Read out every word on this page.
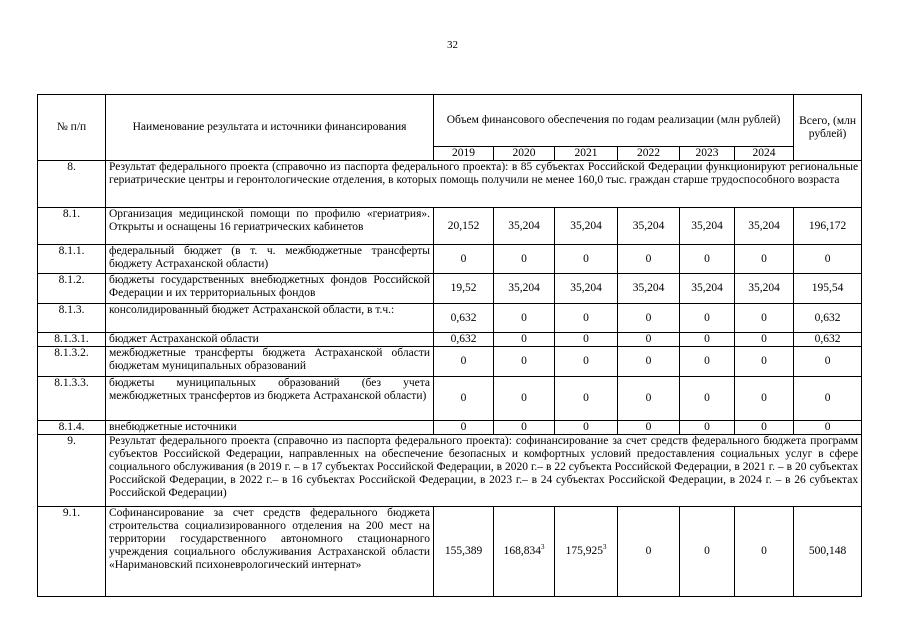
32
№ п/п	Наименование результата и источники финансирования	Объем финансового обеспечения по годам реализации (млн рублей)						Всего, (млн рублей)
		2019	2020	2021	2022	2023	2024	
8.	Результат федерального проекта (справочно из паспорта федерального проекта): в 85 субъектах Российской Федерации функционируют региональные гериатрические центры и геронтологические отделения, в которых помощь получили не менее 160,0 тыс. граждан старше трудоспособного возраста							
8.1.	Организация медицинской помощи по профилю «гериатрия». Открыты и оснащены 16 гериатрических кабинетов	20,152	35,204	35,204	35,204	35,204	35,204	196,172
8.1.1.	федеральный бюджет (в т. ч. межбюджетные трансферты бюджету Астраханской области)	0	0	0	0	0	0	0
8.1.2.	бюджеты государственных внебюджетных фондов Российской Федерации и их территориальных фондов	19,52	35,204	35,204	35,204	35,204	35,204	195,54
8.1.3.	консолидированный бюджет Астраханской области, в т.ч.:	0,632	0	0	0	0	0	0,632
8.1.3.1.	бюджет Астраханской области	0,632	0	0	0	0	0	0,632
8.1.3.2.	межбюджетные трансферты бюджета Астраханской области бюджетам муниципальных образований	0	0	0	0	0	0	0
8.1.3.3.	бюджеты муниципальных образований (без учета межбюджетных трансфертов из бюджета Астраханской области)	0	0	0	0	0	0	0
8.1.4.	внебюджетные источники	0	0	0	0	0	0	0
9.	Результат федерального проекта (справочно из паспорта федерального проекта): софинансирование за счет средств федерального бюджета программ субъектов Российской Федерации, направленных на обеспечение безопасных и комфортных условий предоставления социальных услуг в сфере социального обслуживания (в 2019 г. – в 17 субъектах Российской Федерации, в 2020 г.– в 22 субъекта Российской Федерации, в 2021 г. – в 20 субъектах Российской Федерации, в 2022 г.– в 16 субъектах Российской Федерации, в 2023 г.– в 24 субъектах Российской Федерации, в 2024 г. – в 26 субъектах Российской Федерации)							
9.1.	Софинансирование за счет средств федерального бюджета строительства социализированного отделения на 200 мест на территории государственного автономного стационарного учреждения социального обслуживания Астраханской области «Наримановский психоневрологический интернат»	155,389	168,834$^3$	175,925$^3$	0	0	0	500,148
